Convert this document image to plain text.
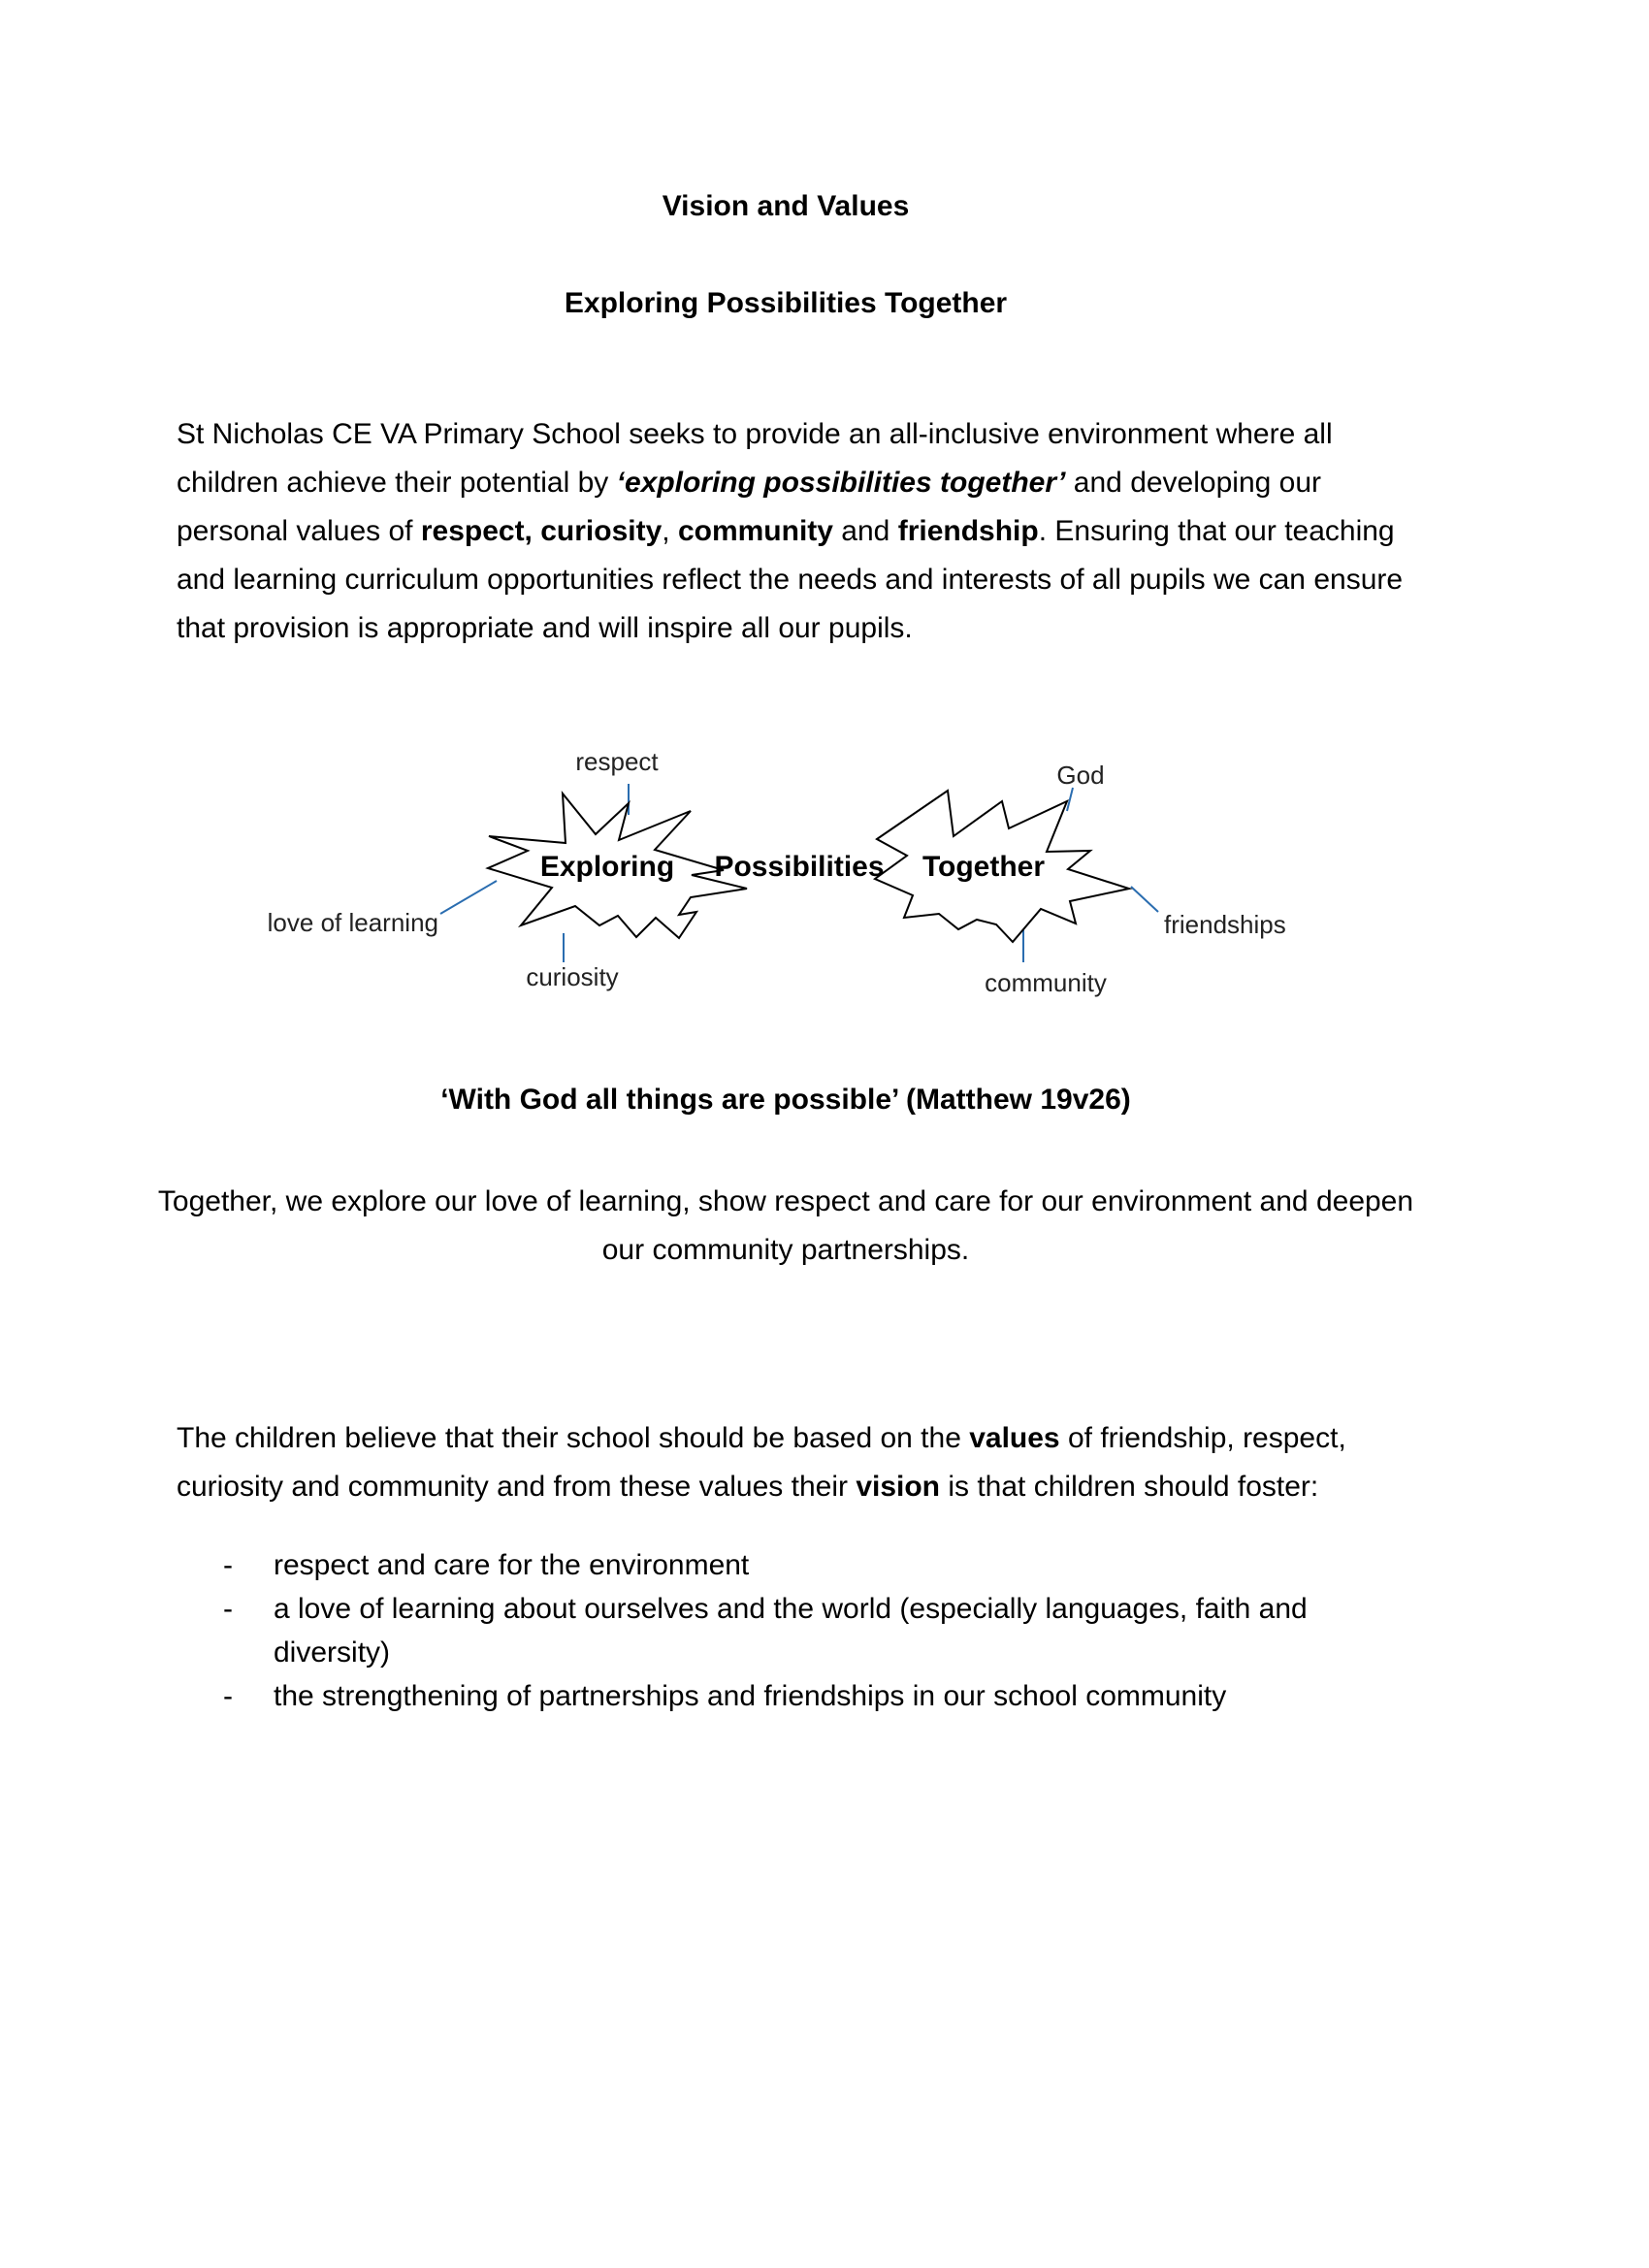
Vision and Values
Exploring Possibilities Together
St Nicholas CE VA Primary School seeks to provide an all-inclusive environment where all children achieve their potential by ‘exploring possibilities together’ and developing our personal values of respect, curiosity, community and friendship. Ensuring that our teaching and learning curriculum opportunities reflect the needs and interests of all pupils we can ensure that provision is appropriate and will inspire all our pupils.
Exploring Possibilities Together
respect
love of learning
curiosity
God
friendships
community
‘With God all things are possible’ (Matthew 19v26)
Together, we explore our love of learning, show respect and care for our environment and deepen our community partnerships.
The children believe that their school should be based on the values of friendship, respect, curiosity and community and from these values their vision is that children should foster:
- respect and care for the environment
- a love of learning about ourselves and the world (especially languages, faith and diversity)
- the strengthening of partnerships and friendships in our school community
